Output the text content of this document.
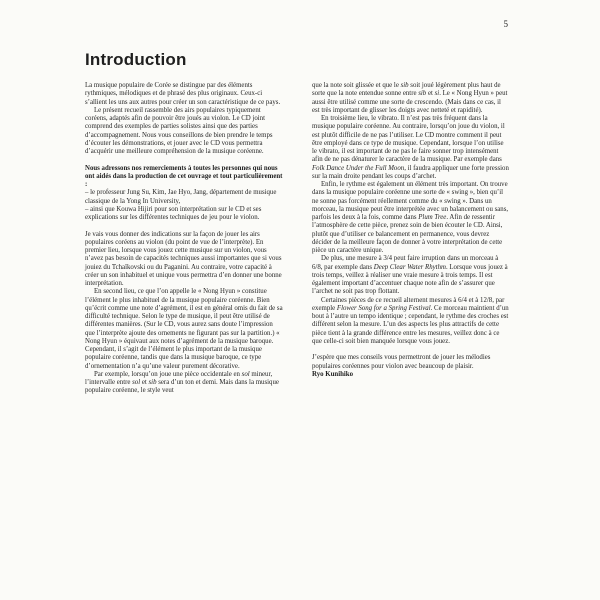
5
Introduction

La musique populaire de Corée se distingue par des éléments rythmiques, mélodiques et de phrasé des plus originaux. Ceux-ci s’allient les uns aux autres pour créer un son caractéristique de ce pays.

Le présent recueil rassemble des airs populaires typiquement coréens, adaptés afin de pouvoir être joués au violon. Le CD joint comprend des exemples de parties solistes ainsi que des parties d’accompagnement. Nous vous conseillons de bien prendre le temps d’écouter les démonstrations, et jouer avec le CD vous permettra d’acquérir une meilleure compréhension de la musique coréenne.

Nous adressons nos remerciements à toutes les personnes qui nous ont aidés dans la production de cet ouvrage et tout particulièrement :

– le professeur Jung Su, Kim, Jae Hyo, Jang, département de musique classique de la Yong In University,

– ainsi que Kouwa Hijiri pour son interprétation sur le CD et ses explications sur les différentes techniques de jeu pour le violon.

Je vais vous donner des indications sur la façon de jouer les airs populaires coréens au violon (du point de vue de l’interprète). En premier lieu, lorsque vous jouez cette musique sur un violon, vous n’avez pas besoin de capacités techniques aussi importantes que si vous jouiez du Tchaïkovski ou du Paganini. Au contraire, votre capacité à créer un son inhabituel et unique vous permettra d’en donner une bonne interprétation.

En second lieu, ce que l’on appelle le « Nong Hyun » constitue l’élément le plus inhabituel de la musique populaire coréenne. Bien qu’écrit comme une note d’agrément, il est en général omis du fait de sa difficulté technique. Selon le type de musique, il peut être utilisé de différentes manières. (Sur le CD, vous aurez sans doute l’impression que l’interprète ajoute des ornements ne figurant pas sur la partition.) « Nong Hyun » équivaut aux notes d’agrément de la musique baroque. Cependant, il s’agit de l’élément le plus important de la musique populaire coréenne, tandis que dans la musique baroque, ce type d’ornementation n’a qu’une valeur purement décorative.

Par exemple, lorsqu’on joue une pièce occidentale en sol mineur, l’intervalle entre sol et sib sera d’un ton et demi. Mais dans la musique populaire coréenne, le style veut

que la note soit glissée et que le sib soit joué légèrement plus haut de sorte que la note entendue sonne entre sib et si. Le « Nong Hyun » peut aussi être utilisé comme une sorte de crescendo. (Mais dans ce cas, il est très important de glisser les doigts avec netteté et rapidité).

En troisième lieu, le vibrato. Il n’est pas très fréquent dans la musique populaire coréenne. Au contraire, lorsqu’on joue du violon, il est plutôt difficile de ne pas l’utiliser. Le CD montre comment il peut être employé dans ce type de musique. Cependant, lorsque l’on utilise le vibrato, il est important de ne pas le faire sonner trop intensément afin de ne pas dénaturer le caractère de la musique. Par exemple dans Folk Dance Under the Full Moon, il faudra appliquer une forte pression sur la main droite pendant les coups d’archet.

Enfin, le rythme est également un élément très important. On trouve dans la musique populaire coréenne une sorte de « swing », bien qu’il ne sonne pas forcément réellement comme du « swing ». Dans un morceau, la musique peut être interprétée avec un balancement ou sans, parfois les deux à la fois, comme dans Plum Tree. Afin de ressentir l’atmosphère de cette pièce, prenez soin de bien écouter le CD. Ainsi, plutôt que d’utiliser ce balancement en permanence, vous devrez décider de la meilleure façon de donner à votre interprétation de cette pièce un caractère unique.

De plus, une mesure à 3/4 peut faire irruption dans un morceau à 6/8, par exemple dans Deep Clear Water Rhythm. Lorsque vous jouez à trois temps, veillez à réaliser une vraie mesure à trois temps. Il est également important d’accentuer chaque note afin de s’assurer que l’archet ne soit pas trop flottant.

Certaines pièces de ce recueil alternent mesures à 6/4 et à 12/8, par exemple Flower Song for a Spring Festival. Ce morceau maintient d’un bout à l’autre un tempo identique ; cependant, le rythme des croches est différent selon la mesure. L’un des aspects les plus attractifs de cette pièce tient à la grande différence entre les mesures, veillez donc à ce que celle-ci soit bien manquée lorsque vous jouez.

J’espère que mes conseils vous permettront de jouer les mélodies populaires coréennes pour violon avec beaucoup de plaisir.

Ryo Kunihiko
